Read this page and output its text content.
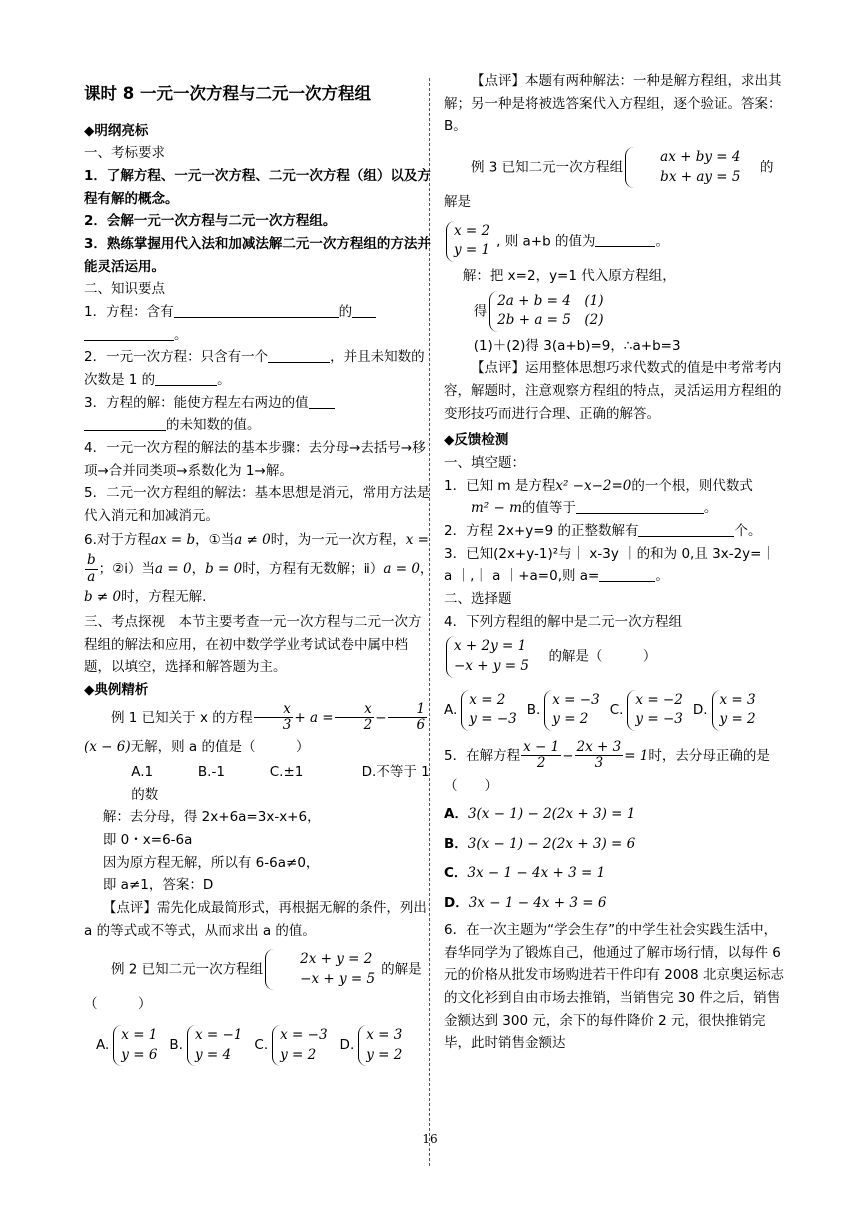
课时 8 一元一次方程与二元一次方程组

◆明纲亮标

一、考标要求

1．了解方程、一元一次方程、二元一次方程（组）以及方程有解的概念。

2．会解一元一次方程与二元一次方程组。

3．熟练掌握用代入法和加减法解二元一次方程组的方法并能灵活运用。

二、知识要点

1．方程：含有	的
。

2．一元一次方程：只含有一个	，并且未知数的次数是 1 的	。

3．方程的解：能使方程左右两边的值
的未知数的值。

4．一元一次方程的解法的基本步骤：去分母→去括号→移项→合并同类项→系数化为 1→解。

5．二元一次方程组的解法：基本思想是消元，常用方法是代入消元和加减消元。

6.对于方程ax = b，①当a ≠ 0时，为一元一次方程，x =
$\frac{b}{a}$ ；②ⅰ）当a = 0，b = 0时，方程有无数解；ⅱ）a = 0，b ≠ 0时，方程无解.

三、考点探视　本节主要考查一元一次方程与二元一次方程组的解法和应用，在初中数学学业考试试卷中属中档题，以填空，选择和解答题为主。

◆典例精析

例 1 已知关于 x 的方程 $\frac{x}{3} + a = \frac{x}{2} - \frac{1}{6}$
(x − 6)无解，则 a 的值是（　　　）

A.1　　　 B.-1　　　 C.±1　　　　 D.不等于 1 的数

解：去分母，得 2x+6a=3x-x+6，

即 0・x=6-6a

因为原方程无解，所以有 6-6a≠0，

即 a≠1，答案：D

【点评】需先化成最简形式，再根据无解的条件，列出 a 的等式或不等式，从而求出 a 的值。

例 2 已知二元一次方程组
2x + y = 2
−x + y = 5
的解是

（　　　）

A.
x = 1
y = 6
B.
x = −1
y = 4
C.
x = −3
y = 2
D.
x = 3
y = 2

【点评】本题有两种解法：一种是解方程组，求出其解；另一种是将被选答案代入方程组，逐个验证。答案：B。

例 3 已知二元一次方程组
ax + by = 4
bx + ay = 5
　的解是

x = 2
y = 1
, 则 a+b 的值为	。

解：把 x=2，y=1 代入原方程组，

得
2a + b = 4　(1)
2b + a = 5　(2)

(1)＋(2)得 3(a+b)=9，∴a+b=3

【点评】运用整体思想巧求代数式的值是中考常考内容，解题时，注意观察方程组的特点，灵活运用方程组的变形技巧而进行合理、正确的解答。

◆反馈检测

一、填空题：

1．已知 m 是方程x² −x−2=0的一个根，则代数式
m² − m的值等于	。

2．方程 2x+y=9 的正整数解有	个。

3．已知(2x+y-1)²与｜ x-3y ｜的和为 0,且 3x-2y=｜ a ｜,｜ a ｜+a=0,则 a=	。

二、选择题

4．下列方程组的解中是二元一次方程组

x + 2y = 1
−x + y = 5
　的解是（　　　）

A.
x = 2
y = −3
B.
x = −3
y = 2
C.
x = −2
y = −3
D.
x = 3
y = 2

5．在解方程 $\frac{x - 1}{2} - \frac{2x + 3}{3} = 1$时，去分母正确的是（　　）

A．3(x − 1) − 2(2x + 3) = 1

B．3(x − 1) − 2(2x + 3) = 6

C．3x − 1 − 4x + 3 = 1

D．3x − 1 − 4x + 3 = 6

6．在一次主题为“学会生存”的中学生社会实践生活中，春华同学为了锻炼自己，他通过了解市场行情，以每件 6 元的价格从批发市场购进若干件印有 2008 北京奥运标志的文化衫到自由市场去推销，当销售完 30 件之后，销售金额达到 300 元，余下的每件降价 2 元，很快推销完毕，此时销售金额达

16
